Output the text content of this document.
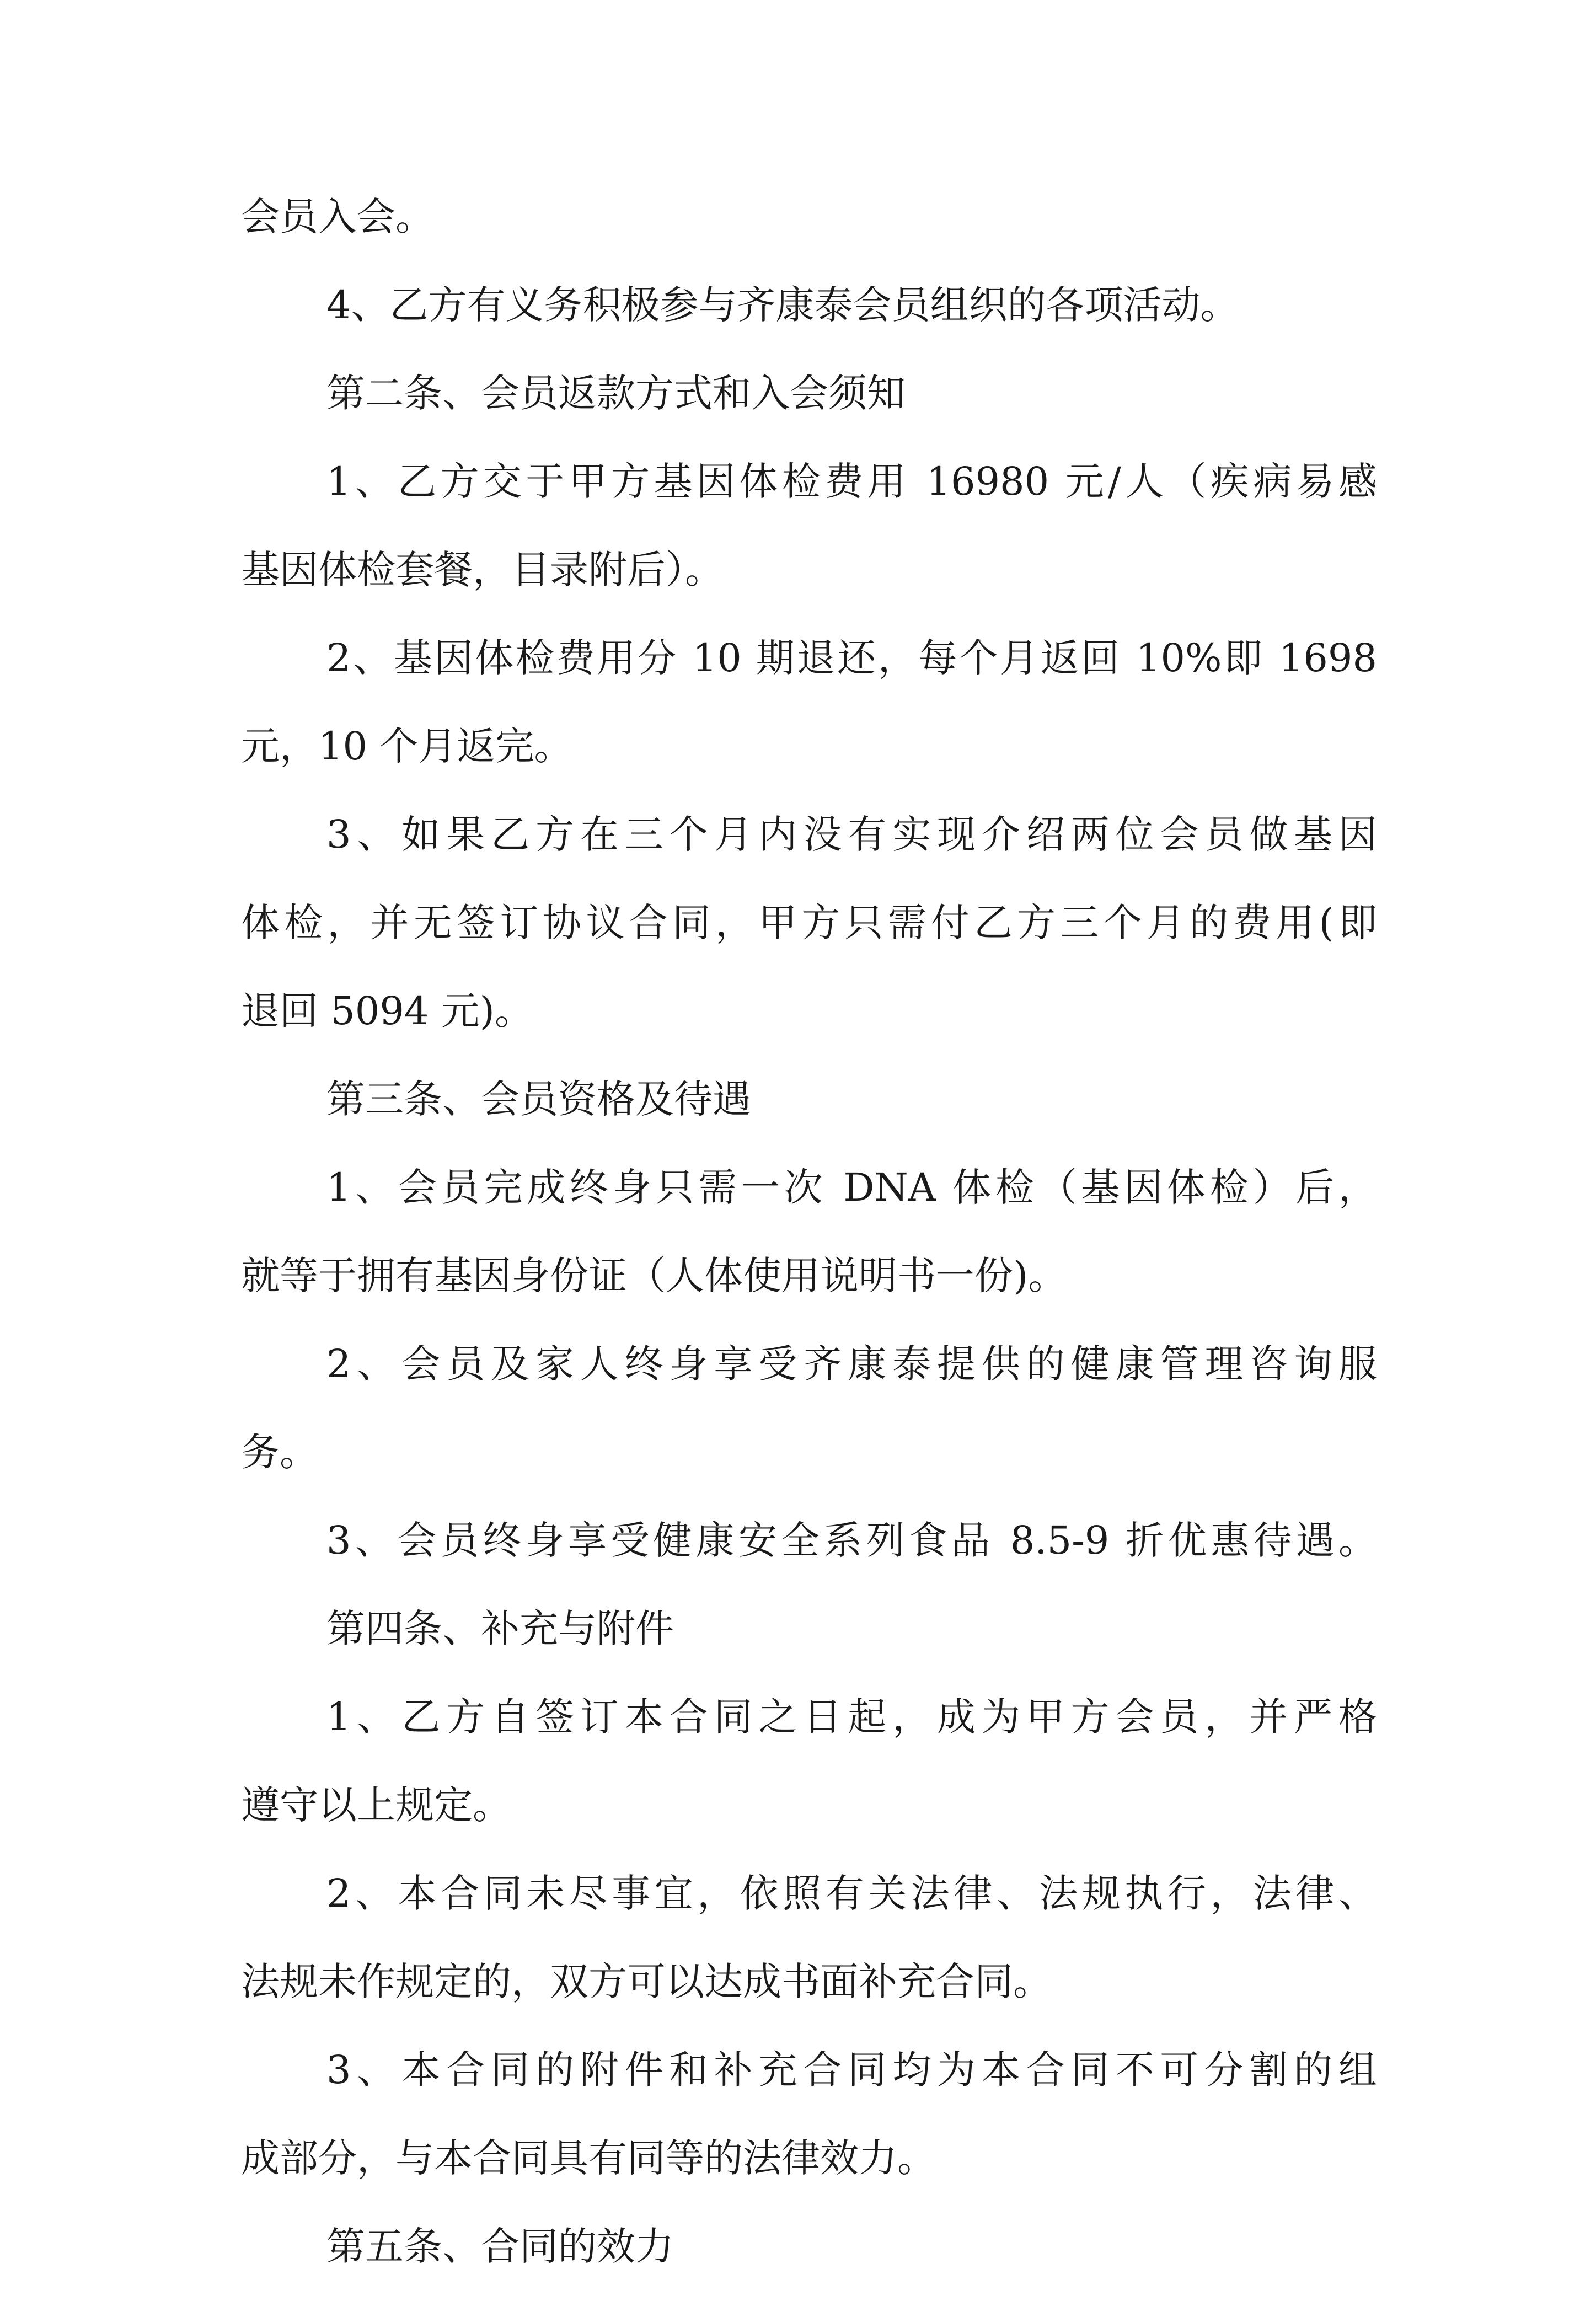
会员入会。
4、乙方有义务积极参与齐康泰会员组织的各项活动。
第二条、会员返款方式和入会须知
1、乙方交于甲方基因体检费用 16980 元/人（疾病易感
基因体检套餐，目录附后）。
2、基因体检费用分 10 期退还，每个月返回 10%即 1698
元，10 个月返完。
3、如果乙方在三个月内没有实现介绍两位会员做基因
体检，并无签订协议合同，甲方只需付乙方三个月的费用(即
退回 5094 元)。
第三条、会员资格及待遇
1、会员完成终身只需一次 DNA 体检（基因体检）后，
就等于拥有基因身份证（人体使用说明书一份)。
2、会员及家人终身享受齐康泰提供的健康管理咨询服
务。
3、会员终身享受健康安全系列食品 8.5-9 折优惠待遇。
第四条、补充与附件
1、乙方自签订本合同之日起，成为甲方会员，并严格
遵守以上规定。
2、本合同未尽事宜，依照有关法律、法规执行，法律、
法规未作规定的，双方可以达成书面补充合同。
3、本合同的附件和补充合同均为本合同不可分割的组
成部分，与本合同具有同等的法律效力。
第五条、合同的效力
